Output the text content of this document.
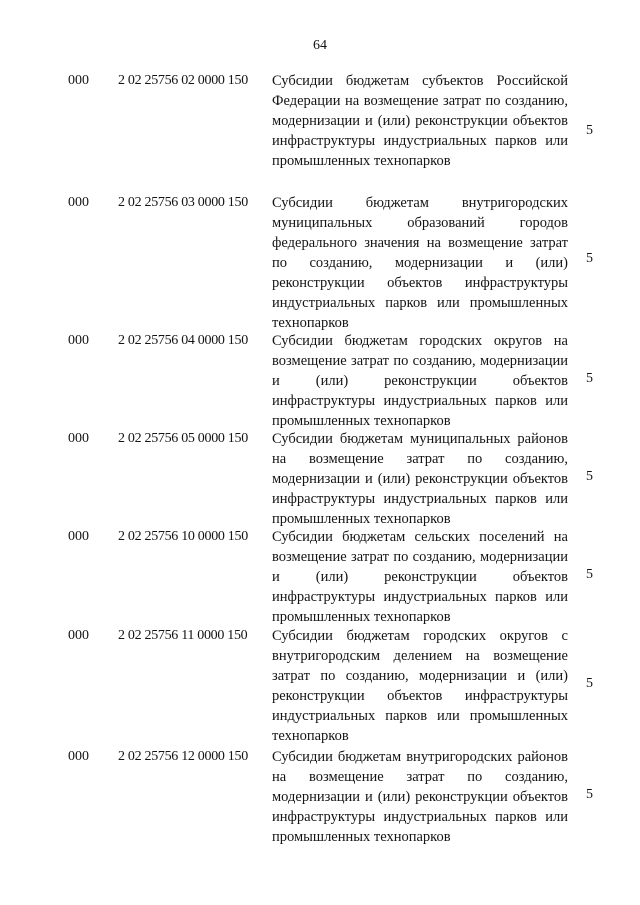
64
000 2 02 25756 02 0000 150 Субсидии бюджетам субъектов Российской Федерации на возмещение затрат по созданию, модернизации и (или) реконструкции объектов инфраструктуры индустриальных парков или промышленных технопарков
5
000 2 02 25756 03 0000 150 Субсидии бюджетам внутригородских муниципальных образований городов федерального значения на возмещение затрат по созданию, модернизации и (или) реконструкции объектов инфраструктуры индустриальных парков или промышленных технопарков
5
000 2 02 25756 04 0000 150 Субсидии бюджетам городских округов на возмещение затрат по созданию, модернизации и (или) реконструкции объектов инфраструктуры индустриальных парков или промышленных технопарков
5
000 2 02 25756 05 0000 150 Субсидии бюджетам муниципальных районов на возмещение затрат по созданию, модернизации и (или) реконструкции объектов инфраструктуры индустриальных парков или промышленных технопарков
5
000 2 02 25756 10 0000 150 Субсидии бюджетам сельских поселений на возмещение затрат по созданию, модернизации и (или) реконструкции объектов инфраструктуры индустриальных парков или промышленных технопарков
5
000 2 02 25756 11 0000 150 Субсидии бюджетам городских округов с внутригородским делением на возмещение затрат по созданию, модернизации и (или) реконструкции объектов инфраструктуры индустриальных парков или промышленных технопарков
5
000 2 02 25756 12 0000 150 Субсидии бюджетам внутригородских районов на возмещение затрат по созданию, модернизации и (или) реконструкции объектов инфраструктуры индустриальных парков или промышленных технопарков
5
